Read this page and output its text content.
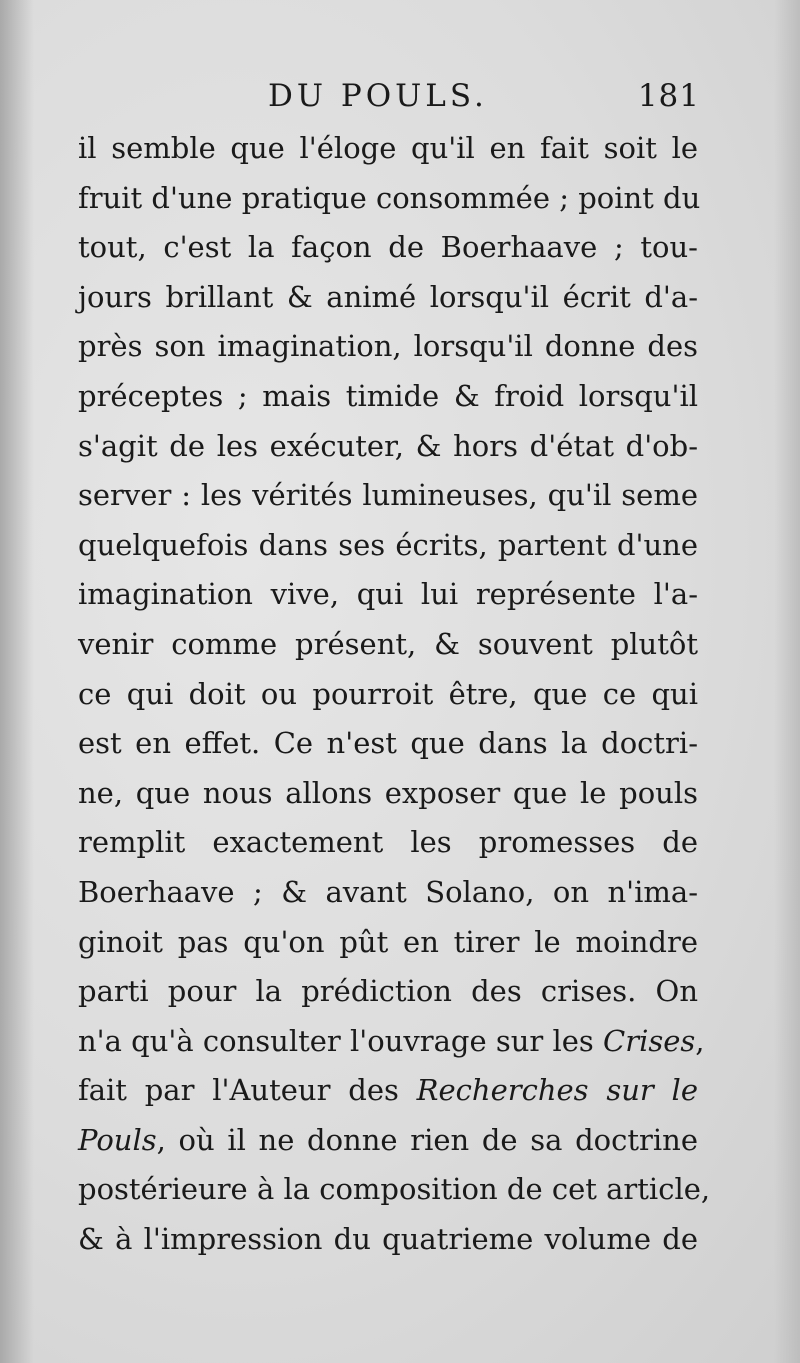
DU POULS.	181
il semble que l'éloge qu'il en fait soit le
fruit d'une pratique consommée ; point du
tout, c'est la façon de Boerhaave ; tou-
jours brillant & animé lorsqu'il écrit d'a-
près son imagination, lorsqu'il donne des
préceptes ; mais timide & froid lorsqu'il
s'agit de les exécuter, & hors d'état d'ob-
server : les vérités lumineuses, qu'il seme
quelquefois dans ses écrits, partent d'une
imagination vive, qui lui représente l'a-
venir comme présent, & souvent plutôt
ce qui doit ou pourroit être, que ce qui
est en effet. Ce n'est que dans la doctri-
ne, que nous allons exposer que le pouls
remplit exactement les promesses de
Boerhaave ; & avant Solano, on n'ima-
ginoit pas qu'on pût en tirer le moindre
parti pour la prédiction des crises. On
n'a qu'à consulter l'ouvrage sur les Crises,
fait par l'Auteur des Recherches sur le
Pouls, où il ne donne rien de sa doctrine
postérieure à la composition de cet article,
& à l'impression du quatrieme volume de
